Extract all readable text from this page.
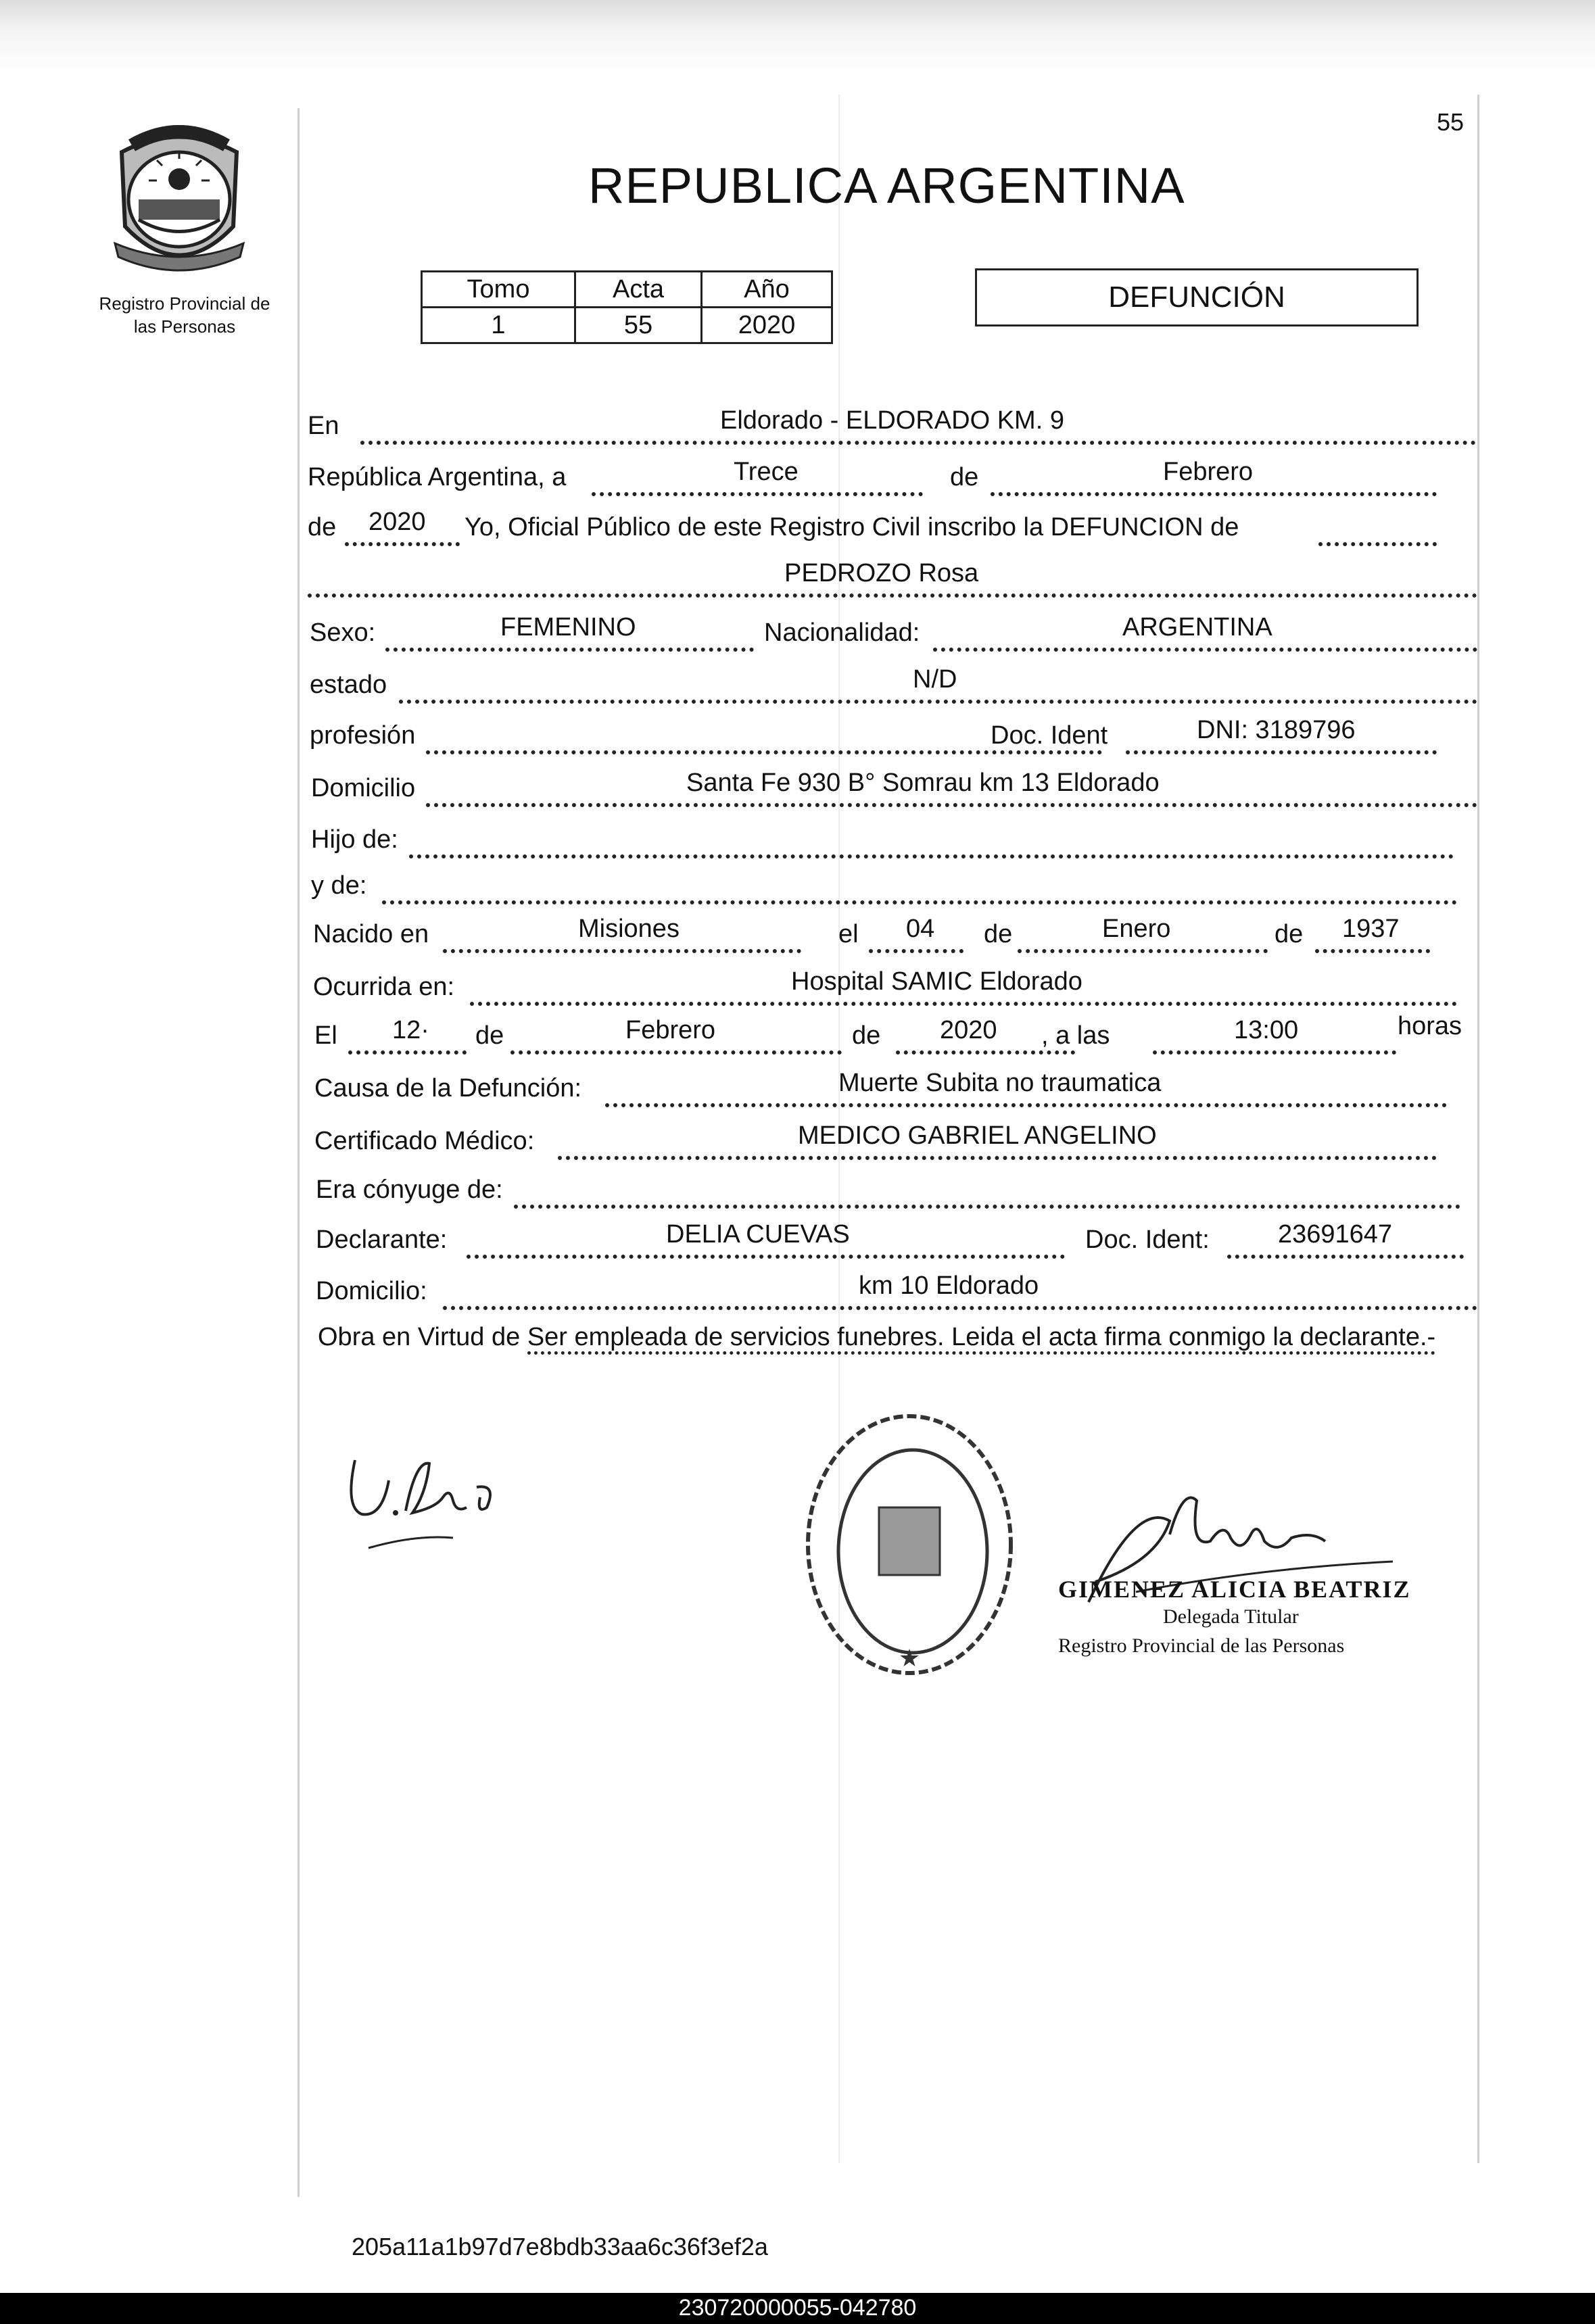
55
Registro Provincial de
las Personas
REPUBLICA ARGENTINA
Tomo	Acta	Año
1	55	2020
DEFUNCIÓN
En	Eldorado - ELDORADO KM. 9
República Argentina, a	Trece	de	Febrero
de 2020 Yo, Oficial Público de este Registro Civil inscribo la DEFUNCION de
PEDROZO Rosa
Sexo:	FEMENINO	Nacionalidad:	ARGENTINA
estado	N/D
profesión	Doc. Ident	DNI: 3189796
Domicilio	Santa Fe 930 B° Somrau km 13 Eldorado
Hijo de:
y de:
Nacido en	Misiones	el 04 de	Enero	de 1937
Ocurrida en:	Hospital SAMIC Eldorado
El 12· de	Febrero	de 2020 , a las	13:00	horas
Causa de la Defunción:	Muerte Subita no traumatica
Certificado Médico:	MEDICO GABRIEL ANGELINO
Era cónyuge de:
Declarante:	DELIA CUEVAS	Doc. Ident:	23691647
Domicilio:	km 10 Eldorado
Obra en Virtud de Ser empleada de servicios funebres. Leida el acta firma conmigo la declarante.-
★
GIMENEZ ALICIA BEATRIZ
Delegada Titular
Registro Provincial de las Personas
205a11a1b97d7e8bdb33aa6c36f3ef2a
230720000055-042780
